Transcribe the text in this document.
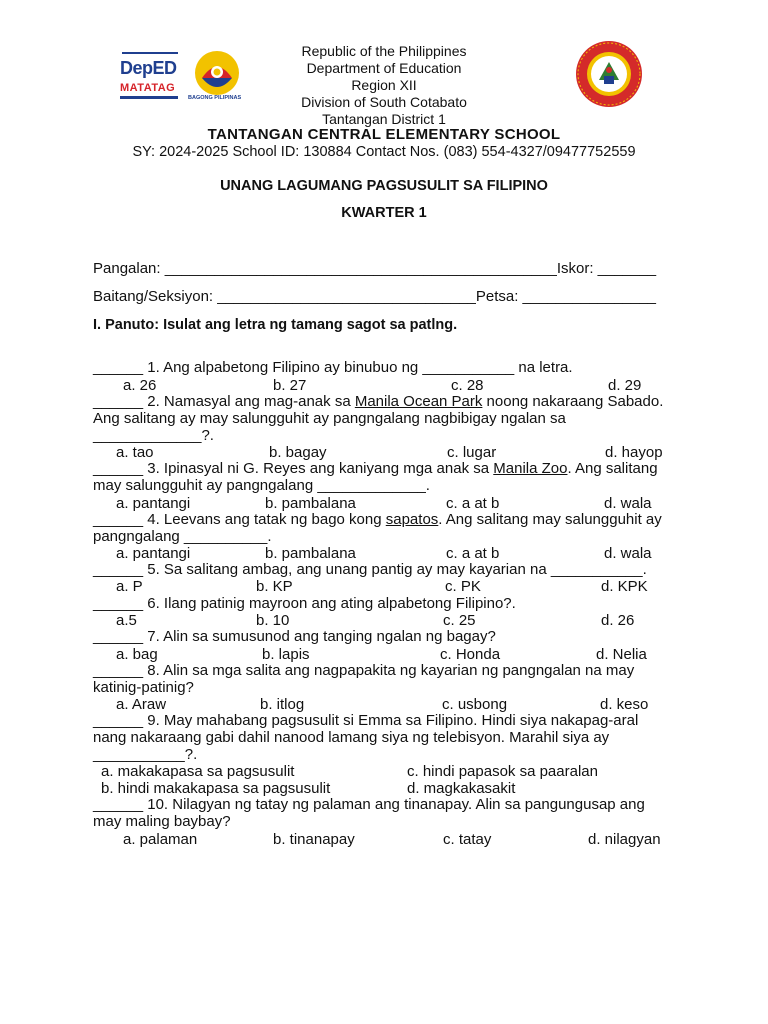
DepED
MATATAG
BAGONG PILIPINAS
Republic of the Philippines
Department of Education
Region XII
Division of South Cotabato
Tantangan District 1
TANTANGAN CENTRAL ELEMENTARY SCHOOL
SY: 2024-2025 School ID: 130884 Contact Nos. (083) 554-4327/09477752559
UNANG LAGUMANG PAGSUSULIT SA FILIPINO
KWARTER 1
Pangalan: _______________________________________________Iskor: _______
Baitang/Seksiyon: _______________________________Petsa: ________________
I. Panuto: Isulat ang letra ng tamang sagot sa patlng.
______ 1. Ang alpabetong Filipino ay binubuo ng ___________ na letra.
a. 26	b. 27	c. 28	d. 29
______ 2. Namasyal ang mag-anak sa Manila Ocean Park noong nakaraang Sabado. Ang salitang ay may salungguhit ay pangngalang nagbibigay ngalan sa _____________?.
a. tao	b. bagay	c. lugar	d. hayop
______ 3. Ipinasyal ni G. Reyes ang kaniyang mga anak sa Manila Zoo. Ang salitang may salungguhit ay pangngalang _____________.
a. pantangi	b. pambalana	c. a at b	d. wala
______ 4. Leevans ang tatak ng bago kong sapatos. Ang salitang may salungguhit ay pangngalang __________.
a. pantangi	b. pambalana	c. a at b	d. wala
______ 5. Sa salitang ambag, ang unang pantig ay may kayarian na ___________.
a. P	b. KP	c. PK	d. KPK
______ 6. Ilang patinig mayroon ang ating alpabetong Filipino?.
a.5	b. 10	c. 25	d. 26
______ 7. Alin sa sumusunod ang tanging ngalan ng bagay?
a. bag	b. lapis	c. Honda	d. Nelia
______ 8. Alin sa mga salita ang nagpapakita ng kayarian ng pangngalan na may katinig-patinig?
a. Araw	b. itlog	c. usbong	d. keso
______ 9. May mahabang pagsusulit si Emma sa Filipino. Hindi siya nakapag-aral nang nakaraang gabi dahil nanood lamang siya ng telebisyon. Marahil siya ay ___________?.
a. makakapasa sa pagsusulit	c. hindi papasok sa paaralan
b. hindi makakapasa sa pagsusulit	d. magkakasakit
______ 10. Nilagyan ng tatay ng palaman ang tinanapay. Alin sa pangungusap ang may maling baybay?
a. palaman	b. tinanapay	c. tatay	d. nilagyan
